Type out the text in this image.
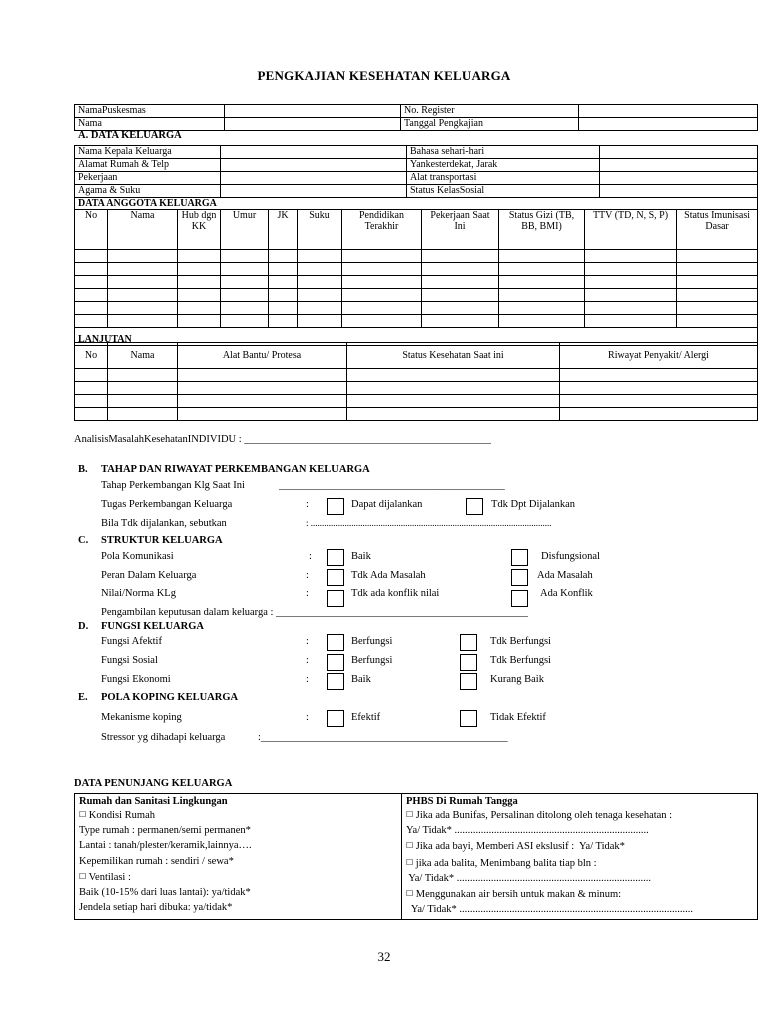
PENGKAJIAN KESEHATAN KELUARGA
NamaPuskesmas		No. Register	
Nama		Tanggal Pengkajian	
A. DATA KELUARGA
Nama Kepala Keluarga		Bahasa sehari-hari	
Alamat Rumah & Telp		Yankesterdekat, Jarak	
Pekerjaan		Alat transportasi	
Agama & Suku		Status KelasSosial	
DATA ANGGOTA KELUARGA										
No	Nama	Hub dgn KK	Umur	JK	Suku	Pendidikan Terakhir	Pekerjaan Saat Ini	Status Gizi (TB, BB, BMI)	TTV (TD, N, S, P)	Status Imunisasi Dasar

LANJUTAN										
No	Nama	Alat Bantu/ Protesa	Status Kesehatan Saat ini	Riwayat Penyakit/ Alergi

AnalisisMasalahKesehatanINDIVIDU : _______________________________________________
B. TAHAP DAN RIWAYAT PERKEMBANGAN KELUARGA
Tahap Perkembangan Klg Saat Ini	___________________________________________
Tugas Perkembangan Keluarga	:	Dapat dijalankan	Tdk Dpt Dijalankan
Bila Tdk dijalankan, sebutkan	: ...........................................................................................................
C. STRUKTUR KELUARGA
Pola Komunikasi	:	Baik	Disfungsional
Peran Dalam Keluarga	:	Tdk Ada Masalah	Ada Masalah
Nilai/Norma KLg	:	Tdk ada konflik nilai	Ada Konflik
Pengambilan keputusan dalam keluarga : ________________________________________________
D. FUNGSI KELUARGA
Fungsi Afektif	:	Berfungsi	Tdk Berfungsi
Fungsi Sosial	:	Berfungsi	Tdk Berfungsi
Fungsi Ekonomi	:	Baik	Kurang Baik
E. POLA KOPING KELUARGA
Mekanisme koping	:	Efektif	Tidak Efektif
Stressor yg dihadapi keluarga	:_______________________________________________
DATA PENUNJANG KELUARGA
Rumah dan Sanitasi Lingkungan
☐ Kondisi Rumah
Type rumah : permanen/semi permanen*
Lantai : tanah/plester/keramik,lainnya….
Kepemilikan rumah : sendiri / sewa*
☐ Ventilasi :
Baik (10-15% dari luas lantai): ya/tidak*
Jendela setiap hari dibuka: ya/tidak*

PHBS Di Rumah Tangga
☐ Jika ada Bunifas, Persalinan ditolong oleh tenaga kesehatan :
Ya/ Tidak* ..........................................................................
☐ Jika ada bayi, Memberi ASI ekslusif :  Ya/ Tidak*
☐ jika ada balita, Menimbang balita tiap bln :
Ya/ Tidak* ..........................................................................
☐ Menggunakan air bersih untuk makan & minum:
Ya/ Tidak* .........................................................................................
32
